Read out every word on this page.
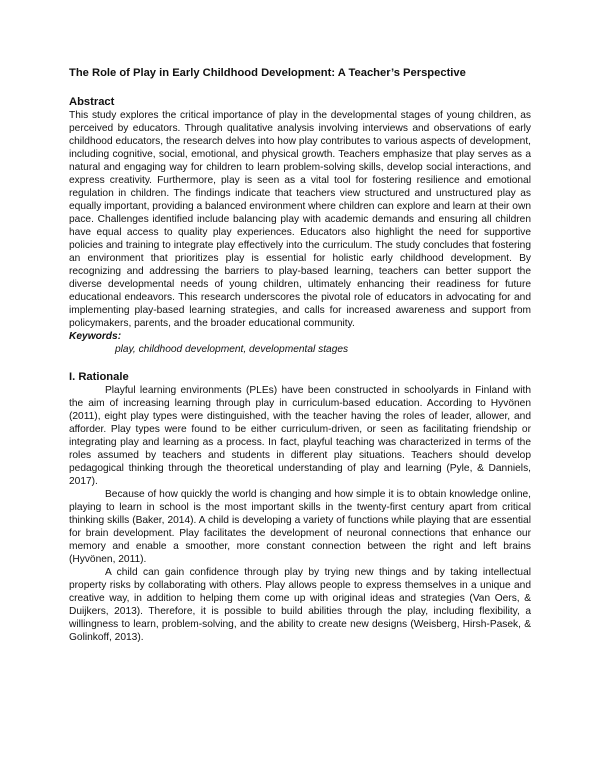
The Role of Play in Early Childhood Development: A Teacher’s Perspective
Abstract

This study explores the critical importance of play in the developmental stages of young children, as perceived by educators. Through qualitative analysis involving interviews and observations of early childhood educators, the research delves into how play contributes to various aspects of development, including cognitive, social, emotional, and physical growth. Teachers emphasize that play serves as a natural and engaging way for children to learn problem-solving skills, develop social interactions, and express creativity. Furthermore, play is seen as a vital tool for fostering resilience and emotional regulation in children. The findings indicate that teachers view structured and unstructured play as equally important, providing a balanced environment where children can explore and learn at their own pace. Challenges identified include balancing play with academic demands and ensuring all children have equal access to quality play experiences. Educators also highlight the need for supportive policies and training to integrate play effectively into the curriculum. The study concludes that fostering an environment that prioritizes play is essential for holistic early childhood development. By recognizing and addressing the barriers to play-based learning, teachers can better support the diverse developmental needs of young children, ultimately enhancing their readiness for future educational endeavors. This research underscores the pivotal role of educators in advocating for and implementing play-based learning strategies, and calls for increased awareness and support from policymakers, parents, and the broader educational community.

Keywords:
play, childhood development, developmental stages
I. Rationale

Playful learning environments (PLEs) have been constructed in schoolyards in Finland with the aim of increasing learning through play in curriculum-based education. According to Hyvönen (2011), eight play types were distinguished, with the teacher having the roles of leader, allower, and afforder. Play types were found to be either curriculum-driven, or seen as facilitating friendship or integrating play and learning as a process. In fact, playful teaching was characterized in terms of the roles assumed by teachers and students in different play situations. Teachers should develop pedagogical thinking through the theoretical understanding of play and learning (Pyle, & Danniels, 2017).

Because of how quickly the world is changing and how simple it is to obtain knowledge online, playing to learn in school is the most important skills in the twenty-first century apart from critical thinking skills (Baker, 2014). A child is developing a variety of functions while playing that are essential for brain development. Play facilitates the development of neuronal connections that enhance our memory and enable a smoother, more constant connection between the right and left brains (Hyvönen, 2011).

A child can gain confidence through play by trying new things and by taking intellectual property risks by collaborating with others. Play allows people to express themselves in a unique and creative way, in addition to helping them come up with original ideas and strategies (Van Oers, & Duijkers, 2013). Therefore, it is possible to build abilities through the play, including flexibility, a willingness to learn, problem-solving, and the ability to create new designs (Weisberg, Hirsh-Pasek, & Golinkoff, 2013).
